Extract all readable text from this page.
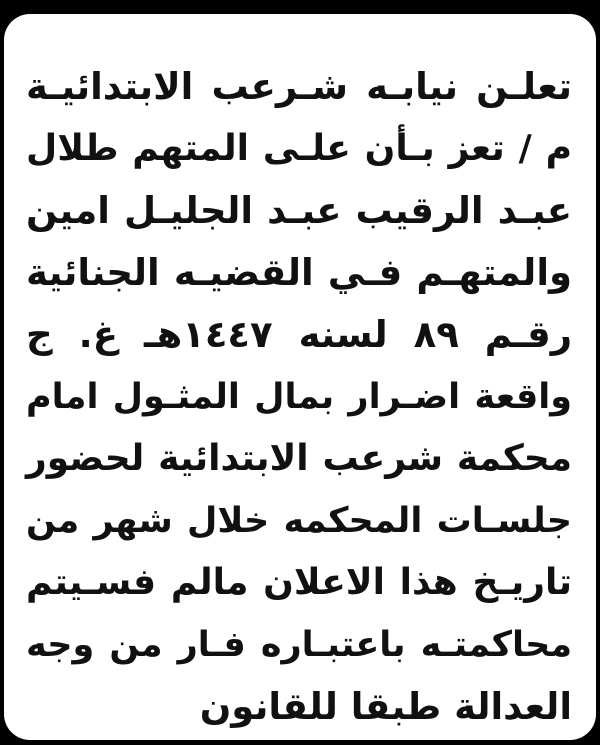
تعلـن نيابـه شـرعب الابتدائيـة
م / تعز بـأن علـى المتهم طلال
عبـد الرقيب عبـد الجليـل امين
والمتهـم فـي القضيـه الجنائية
رقـم ٨٩ لسنه ١٤٤٧هـ غ. ج
واقعة اضـرار بمال المثـول امام
محكمة شرعب الابتدائية لحضور
جلسـات المحكمه خلال شهر من
تاريـخ هذا الاعلان مالم فسـيتم
محاكمتـه باعتبـاره فـار من وجه
العدالة طبقا للقانون
